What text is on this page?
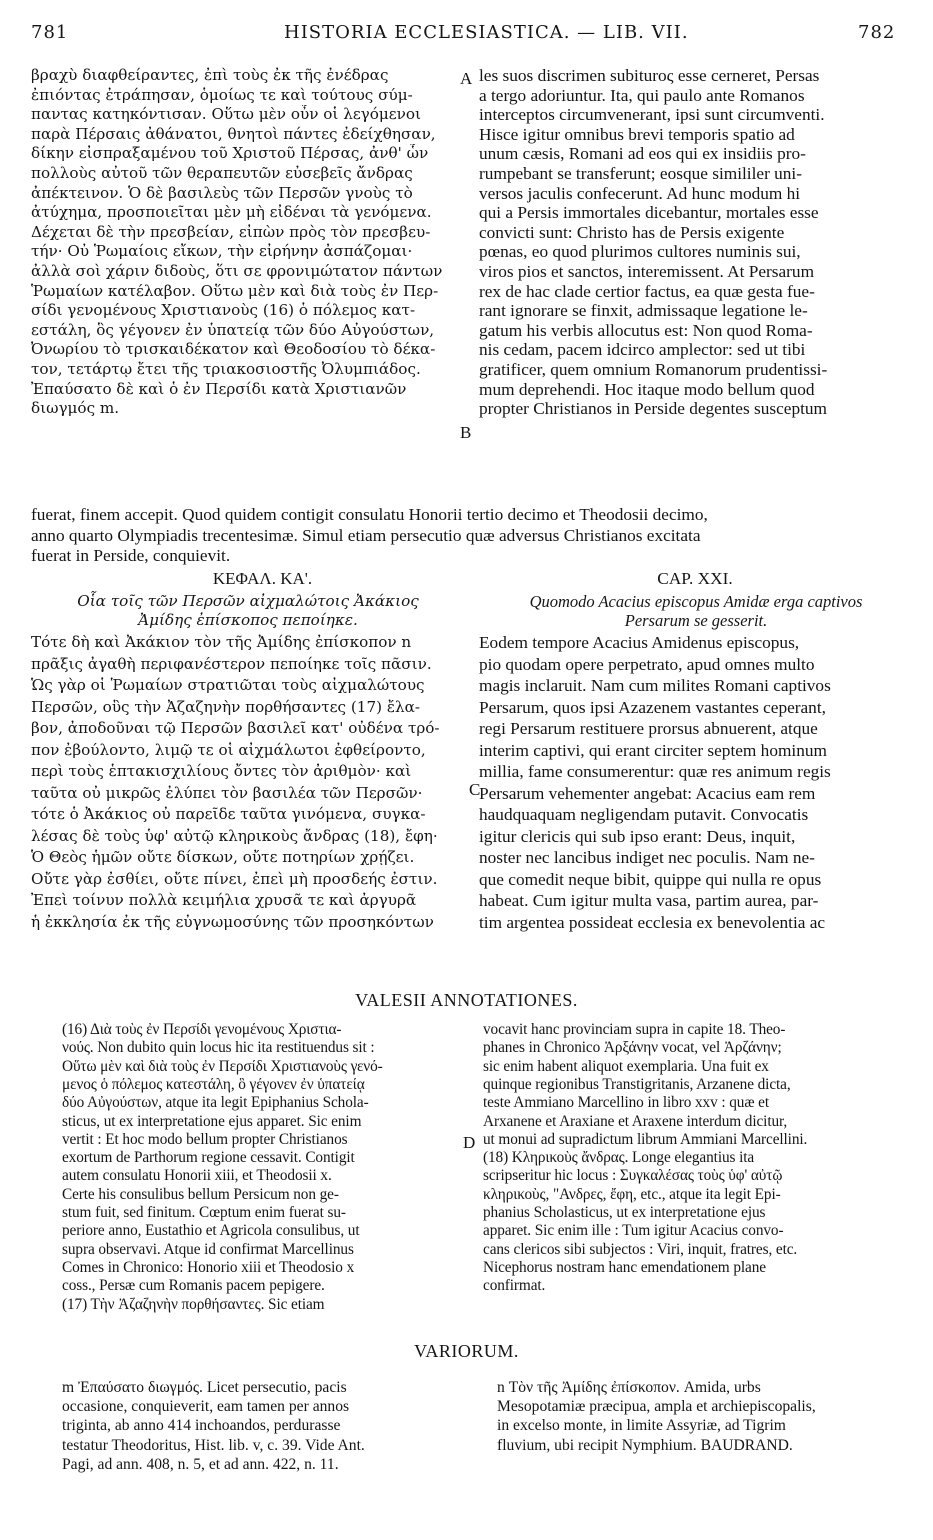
781	HISTORIA ECCLESIASTICA. — LIB. VII.	782
A
B
C
D
βραχὺ διαφθείραντες, ἐπὶ τοὺς ἐκ τῆς ἐνέδρας
ἐπιόντας ἐτράπησαν, ὁμοίως τε καὶ τούτους σύμ-
παντας κατηκόντισαν. Οὕτω μὲν οὖν οἱ λεγόμενοι
παρὰ Πέρσαις ἀθάνατοι, θνητοὶ πάντες ἐδείχθησαν,
δίκην εἰσπραξαμένου τοῦ Χριστοῦ Πέρσας, ἀνθ' ὧν
πολλοὺς αὐτοῦ τῶν θεραπευτῶν εὐσεβεῖς ἄνδρας
ἀπέκτεινον. Ὁ δὲ βασιλεὺς τῶν Περσῶν γνοὺς τὸ
ἀτύχημα, προσποιεῖται μὲν μὴ εἰδέναι τὰ γενόμενα.
Δέχεται δὲ τὴν πρεσβείαν, εἰπὼν πρὸς τὸν πρεσβευ-
τήν· Οὐ Ῥωμαίοις εἴκων, τὴν εἰρήνην ἀσπάζομαι·
ἀλλὰ σοὶ χάριν διδοὺς, ὅτι σε φρονιμώτατον πάντων
Ῥωμαίων κατέλαβον. Οὕτω μὲν καὶ διὰ τοὺς ἐν Περ-
σίδι γενομένους Χριστιανοὺς (16) ὁ πόλεμος κατ-
εστάλη, ὃς γέγονεν ἐν ὑπατείᾳ τῶν δύο Αὐγούστων,
Ὀνωρίου τὸ τρισκαιδέκατον καὶ Θεοδοσίου τὸ δέκα-
τον, τετάρτῳ ἔτει τῆς τριακοσιοστῆς Ὀλυμπιάδος.
Ἐπαύσατο δὲ καὶ ὁ ἐν Περσίδι κατὰ Χριστιανῶν
διωγμός m.
les suos discrimen subiturος esse cerneret, Persas
a tergo adoriuntur. Ita, qui paulo ante Romanos
interceptos circumvenerant, ipsi sunt circumventi.
Hisce igitur omnibus brevi temporis spatio ad
unum cæsis, Romani ad eos qui ex insidiis pro-
rumpebant se transferunt; eosque simililer uni-
versos jaculis confecerunt. Ad hunc modum hi
qui a Persis immortales dicebantur, mortales esse
convicti sunt: Christo has de Persis exigente
pœnas, eo quod plurimos cultores numinis sui,
viros pios et sanctos, interemissent. At Persarum
rex de hac clade certior factus, ea quæ gesta fue-
rant ignorare se finxit, admissaque legatione le-
gatum his verbis allocutus est: Non quod Roma-
nis cedam, pacem idcirco amplector: sed ut tibi
gratificer, quem omnium Romanorum prudentissi-
mum deprehendi. Hoc itaque modo bellum quod
propter Christianos in Perside degentes susceptum
fuerat, finem accepit. Quod quidem contigit consulatu Honorii tertio decimo et Theodosii decimo,
anno quarto Olympiadis trecentesimæ. Simul etiam persecutio quæ adversus Christianos excitata
fuerat in Perside, conquievit.
ΚΕΦΑΛ. ΚΑ'.
Οἷα τοῖς τῶν Περσῶν αἰχμαλώτοις Ἀκάκιος
Ἀμίδης ἐπίσκοπος πεποίηκε.
CAP. XXI.
Quomodo Acacius episcopus Amidæ erga captivos
Persarum se gesserit.
Τότε δὴ καὶ Ἀκάκιον τὸν τῆς Ἀμίδης ἐπίσκοπον n
πρᾶξις ἀγαθὴ περιφανέστερον πεποίηκε τοῖς πᾶσιν.
Ὡς γὰρ οἱ Ῥωμαίων στρατιῶται τοὺς αἰχμαλώτους
Περσῶν, οὓς τὴν Ἀζαζηνὴν πορθήσαντες (17) ἔλα-
βον, ἀποδοῦναι τῷ Περσῶν βασιλεῖ κατ' οὐδένα τρό-
πον ἐβούλοντο, λιμῷ τε οἱ αἰχμάλωτοι ἐφθείροντο,
περὶ τοὺς ἑπτακισχιλίους ὄντες τὸν ἀριθμὸν· καὶ
ταῦτα οὐ μικρῶς ἐλύπει τὸν βασιλέα τῶν Περσῶν·
τότε ὁ Ἀκάκιος οὐ παρεῖδε ταῦτα γινόμενα, συγκα-
λέσας δὲ τοὺς ὑφ' αὐτῷ κληρικοὺς ἄνδρας (18), ἔφη·
Ὁ Θεὸς ἡμῶν οὔτε δίσκων, οὔτε ποτηρίων χρῄζει.
Οὔτε γὰρ ἐσθίει, οὔτε πίνει, ἐπεὶ μὴ προσδεής ἐστιν.
Ἐπεὶ τοίνυν πολλὰ κειμήλια χρυσᾶ τε καὶ ἀργυρᾶ
ἡ ἐκκλησία ἐκ τῆς εὐγνωμοσύνης τῶν προσηκόντων
Eodem tempore Acacius Amidenus episcopus,
pio quodam opere perpetrato, apud omnes multo
magis inclaruit. Nam cum milites Romani captivos
Persarum, quos ipsi Azazenem vastantes ceperant,
regi Persarum restituere prorsus abnuerent, atque
interim captivi, qui erant circiter septem hominum
millia, fame consumerentur: quæ res animum regis
Persarum vehementer angebat: Acacius eam rem
haudquaquam negligendam putavit. Convocatis
igitur clericis qui sub ipso erant: Deus, inquit,
noster nec lancibus indiget nec poculis. Nam ne-
que comedit neque bibit, quippe qui nulla re opus
habeat. Cum igitur multa vasa, partim aurea, par-
tim argentea possideat ecclesia ex benevolentia ac
VALESII ANNOTATIONES.
(16) Διὰ τοὺς ἐν Περσίδι γενομένους Χριστια-
νούς. Non dubito quin locus hic ita restituendus sit :
Οὕτω μὲν καὶ διὰ τοὺς ἐν Περσίδι Χριστιανοὺς γενό-
μενος ὁ πόλεμος κατεστάλη, ὃ γέγονεν ἐν ὑπατείᾳ
δύο Αὐγούστων, atque ita legit Epiphanius Schola-
sticus, ut ex interpretatione ejus apparet. Sic enim
vertit : Et hoc modo bellum propter Christianos
exortum de Parthorum regione cessavit. Contigit
autem consulatu Honorii xiii, et Theodosii x.
Certe his consulibus bellum Persicum non ge-
stum fuit, sed finitum. Cœptum enim fuerat su-
periore anno, Eustathio et Agricola consulibus, ut
supra observavi. Atque id confirmat Marcellinus
Comes in Chronico: Honorio xiii et Theodosio x
coss., Persæ cum Romanis pacem pepigere.
(17) Τὴν Ἀζαζηνὴν πορθήσαντες. Sic etiam
vocavit hanc provinciam supra in capite 18. Theo-
phanes in Chronico Ἀρξάνην vocat, vel Ἀρζάνην;
sic enim habent aliquot exemplaria. Una fuit ex
quinque regionibus Transtigritanis, Arzanene dicta,
teste Ammiano Marcellino in libro xxv : quæ et
Arxanene et Araxiane et Araxene interdum dicitur,
ut monui ad supradictum librum Ammiani Marcellini.
(18) Κληρικοὺς ἄνδρας. Longe elegantius ita
scripseritur hic locus : Συγκαλέσας τοὺς ὑφ' αὐτῷ
κληρικοὺς, "Ανδρες, ἔφη, etc., atque ita legit Epi-
phanius Scholasticus, ut ex interpretatione ejus
apparet. Sic enim ille : Tum igitur Acacius convo-
cans clericos sibi subjectos : Viri, inquit, fratres, etc.
Nicephorus nostram hanc emendationem plane
confirmat.
VARIORUM.
m Ἐπαύσατο διωγμός. Licet persecutio, pacis
occasione, conquieverit, eam tamen per annos
triginta, ab anno 414 inchoandos, perdurasse
testatur Theodoritus, Hist. lib. v, c. 39. Vide Ant.
Pagi, ad ann. 408, n. 5, et ad ann. 422, n. 11.
n Τὸν τῆς Ἀμίδης ἐπίσκοπον. Amida, urbs
Mesopotamiæ præcipua, ampla et archiepiscopalis,
in excelso monte, in limite Assyriæ, ad Tigrim
fluvium, ubi recipit Nymphium. BAUDRAND.
